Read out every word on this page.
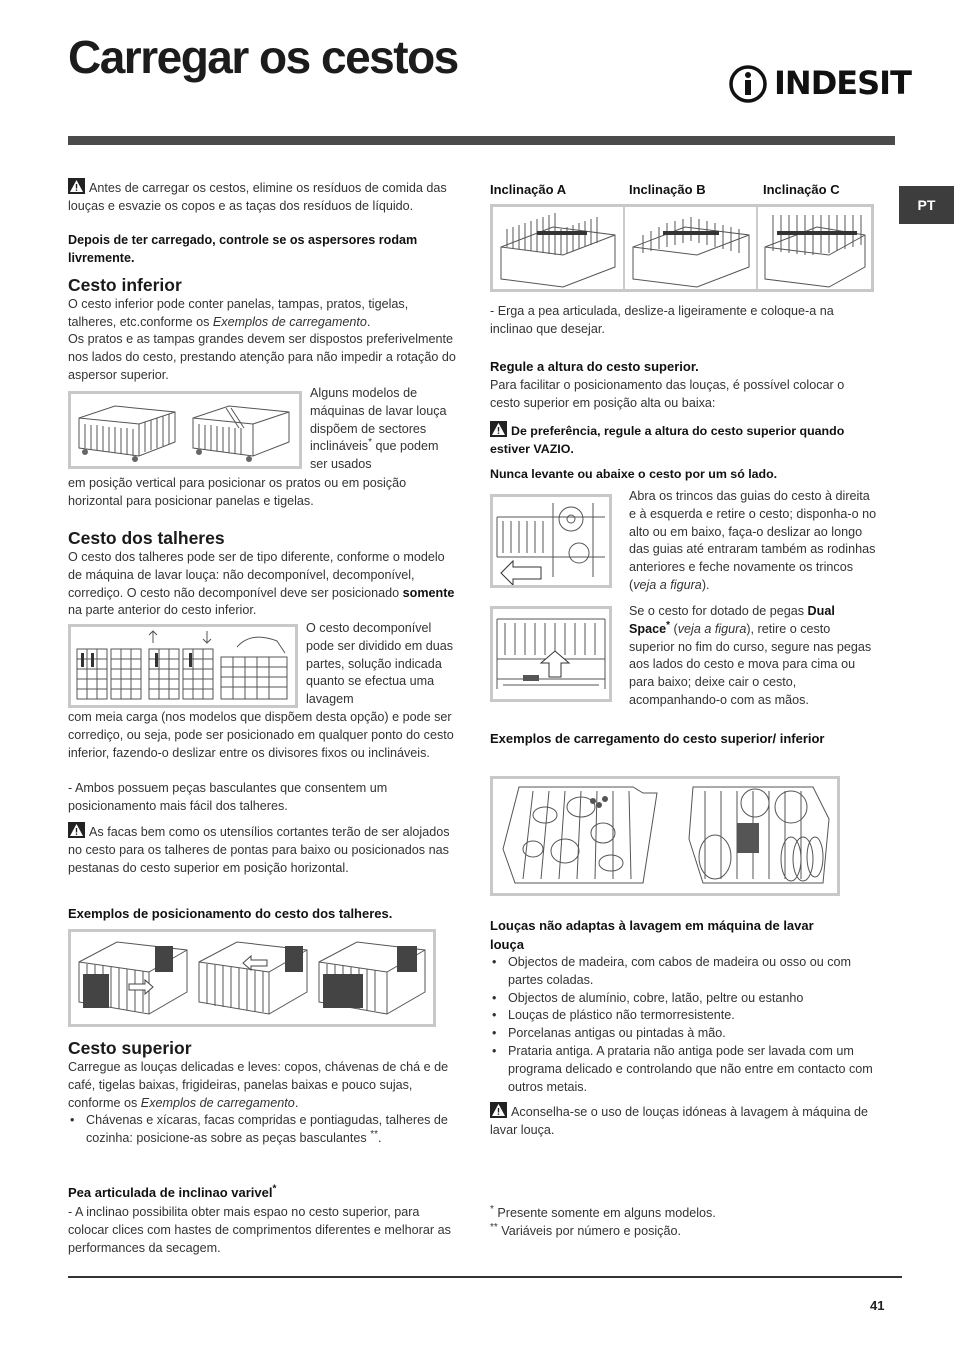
Carregar os cestos
INDESIT
PT
Antes de carregar os cestos, elimine os resíduos de comida das louças e esvazie os copos e as taças dos resíduos de líquido.
Depois de ter carregado, controle se os aspersores rodam livremente.
Cesto inferior
O cesto inferior pode conter panelas, tampas, pratos, tigelas, talheres, etc.conforme os Exemplos de carregamento.
Os pratos e as tampas grandes devem ser dispostos preferivelmente nos lados do cesto, prestando atenção para não impedir a rotação do aspersor superior.
Alguns modelos de máquinas de lavar louça dispõem de sectores inclináveis* que podem ser usados
em posição vertical para posicionar os pratos ou em posição horizontal para posicionar panelas e tigelas.
Cesto dos talheres
O cesto dos talheres pode ser de tipo diferente, conforme o modelo de máquina de lavar louça: não decomponível, decomponível, corrediço. O cesto não decomponível deve ser posicionado somente na parte anterior do cesto inferior.
O cesto decomponível pode ser dividido em duas partes, solução indicada quanto se efectua uma lavagem
com meia carga (nos modelos que dispõem desta opção) e pode ser corrediço, ou seja, pode ser posicionado em qualquer ponto do cesto inferior, fazendo-o deslizar entre os divisores fixos ou inclináveis.
- Ambos possuem peças basculantes que consentem um posicionamento mais fácil dos talheres.
As facas bem como os utensílios cortantes terão de ser alojados no cesto para os talheres de pontas para baixo ou posicionados nas pestanas do cesto superior em posição horizontal.
Exemplos de posicionamento do cesto dos talheres.
Cesto superior
Carregue as louças delicadas e leves: copos, chávenas de chá e de café, tigelas baixas, frigideiras, panelas baixas e pouco sujas, conforme os Exemplos de carregamento.
• Chávenas e xícaras, facas compridas e pontiagudas, talheres de cozinha: posicione-as sobre as peças basculantes **.
Pea articulada de inclinao varivel*
- A inclinao possibilita obter mais espao no cesto superior, para colocar clices com hastes de comprimentos diferentes e melhorar as performances da secagem.
Inclinação A	Inclinação B	Inclinação C
- Erga a pea articulada, deslize-a ligeiramente e coloque-a na inclinao que desejar.
Regule a altura do cesto superior.
Para facilitar o posicionamento das louças, é possível colocar o cesto superior em posição alta ou baixa:
De preferência, regule a altura do cesto superior quando estiver VAZIO.
Nunca levante ou abaixe o cesto por um só lado.
Abra os trincos das guias do cesto à direita e à esquerda e retire o cesto; disponha-o no alto ou em baixo, faça-o deslizar ao longo das guias até entraram também as rodinhas anteriores e feche novamente os trincos (veja a figura).
Se o cesto for dotado de pegas Dual Space* (veja a figura), retire o cesto superior no fim do curso, segure nas pegas aos lados do cesto e mova para cima ou para baixo; deixe cair o cesto, acompanhando-o com as mãos.
Exemplos de carregamento do cesto superior/ inferior
Louças não adaptas à lavagem em máquina de lavar louça
• Objectos de madeira, com cabos de madeira ou osso ou com partes coladas.
• Objectos de alumínio, cobre, latão, peltre ou estanho
• Louças de plástico não termorresistente.
• Porcelanas antigas ou pintadas à mão.
• Prataria antiga. A prataria não antiga pode ser lavada com um programa delicado e controlando que não entre em contacto com outros metais.
Aconselha-se o uso de louças idóneas à lavagem à máquina de lavar louça.
* Presente somente em alguns modelos.
** Variáveis por número e posição.
41
